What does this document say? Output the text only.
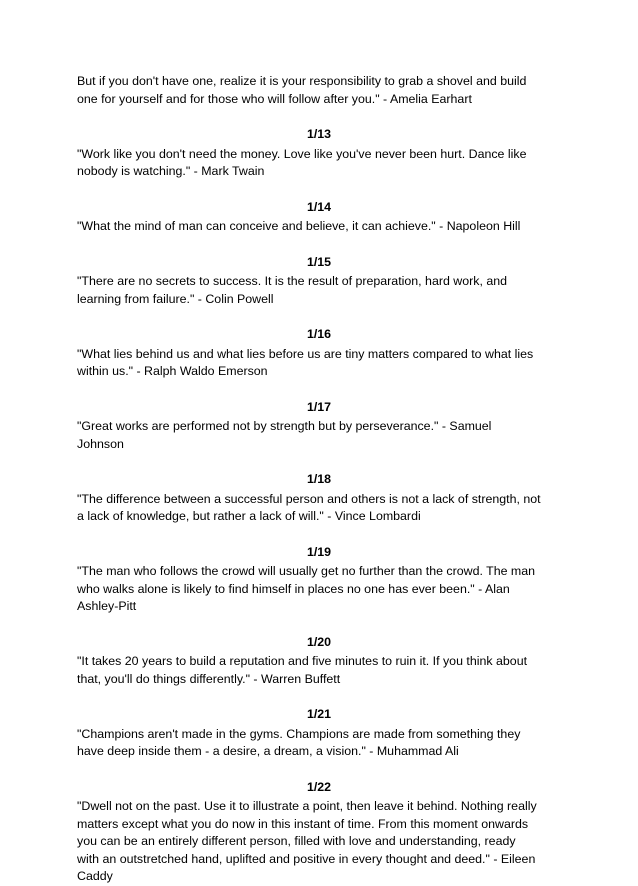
But if you don't have one, realize it is your responsibility to grab a shovel and build one for yourself and for those who will follow after you." - Amelia Earhart

1/13

"Work like you don't need the money. Love like you've never been hurt. Dance like nobody is watching." - Mark Twain

1/14

"What the mind of man can conceive and believe, it can achieve." - Napoleon Hill

1/15

"There are no secrets to success. It is the result of preparation, hard work, and learning from failure." - Colin Powell

1/16

"What lies behind us and what lies before us are tiny matters compared to what lies within us." - Ralph Waldo Emerson

1/17

"Great works are performed not by strength but by perseverance." - Samuel Johnson

1/18

"The difference between a successful person and others is not a lack of strength, not a lack of knowledge, but rather a lack of will." - Vince Lombardi

1/19

"The man who follows the crowd will usually get no further than the crowd. The man who walks alone is likely to find himself in places no one has ever been." - Alan Ashley-Pitt

1/20

"It takes 20 years to build a reputation and five minutes to ruin it. If you think about that, you'll do things differently." - Warren Buffett

1/21

"Champions aren't made in the gyms. Champions are made from something they have deep inside them - a desire, a dream, a vision." - Muhammad Ali

1/22

"Dwell not on the past. Use it to illustrate a point, then leave it behind. Nothing really matters except what you do now in this instant of time. From this moment onwards you can be an entirely different person, filled with love and understanding, ready with an outstretched hand, uplifted and positive in every thought and deed." - Eileen Caddy
